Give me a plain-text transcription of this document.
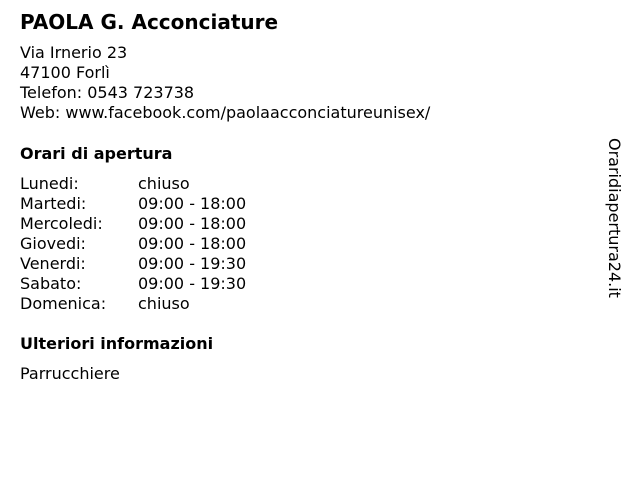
PAOLA G. Acconciature
Via Irnerio 23
47100 Forlì
Telefon: 0543 723738
Web: www.facebook.com/paolaacconciatureunisex/
Orari di apertura
Lunedi:	chiuso
Martedi:	09:00 - 18:00
Mercoledi: 09:00 - 18:00
Giovedi:	09:00 - 18:00
Venerdi:	09:00 - 19:30
Sabato:	09:00 - 19:30
Domenica: chiuso
Ulteriori informazioni
Parrucchiere
Oraridiapertura24.it
